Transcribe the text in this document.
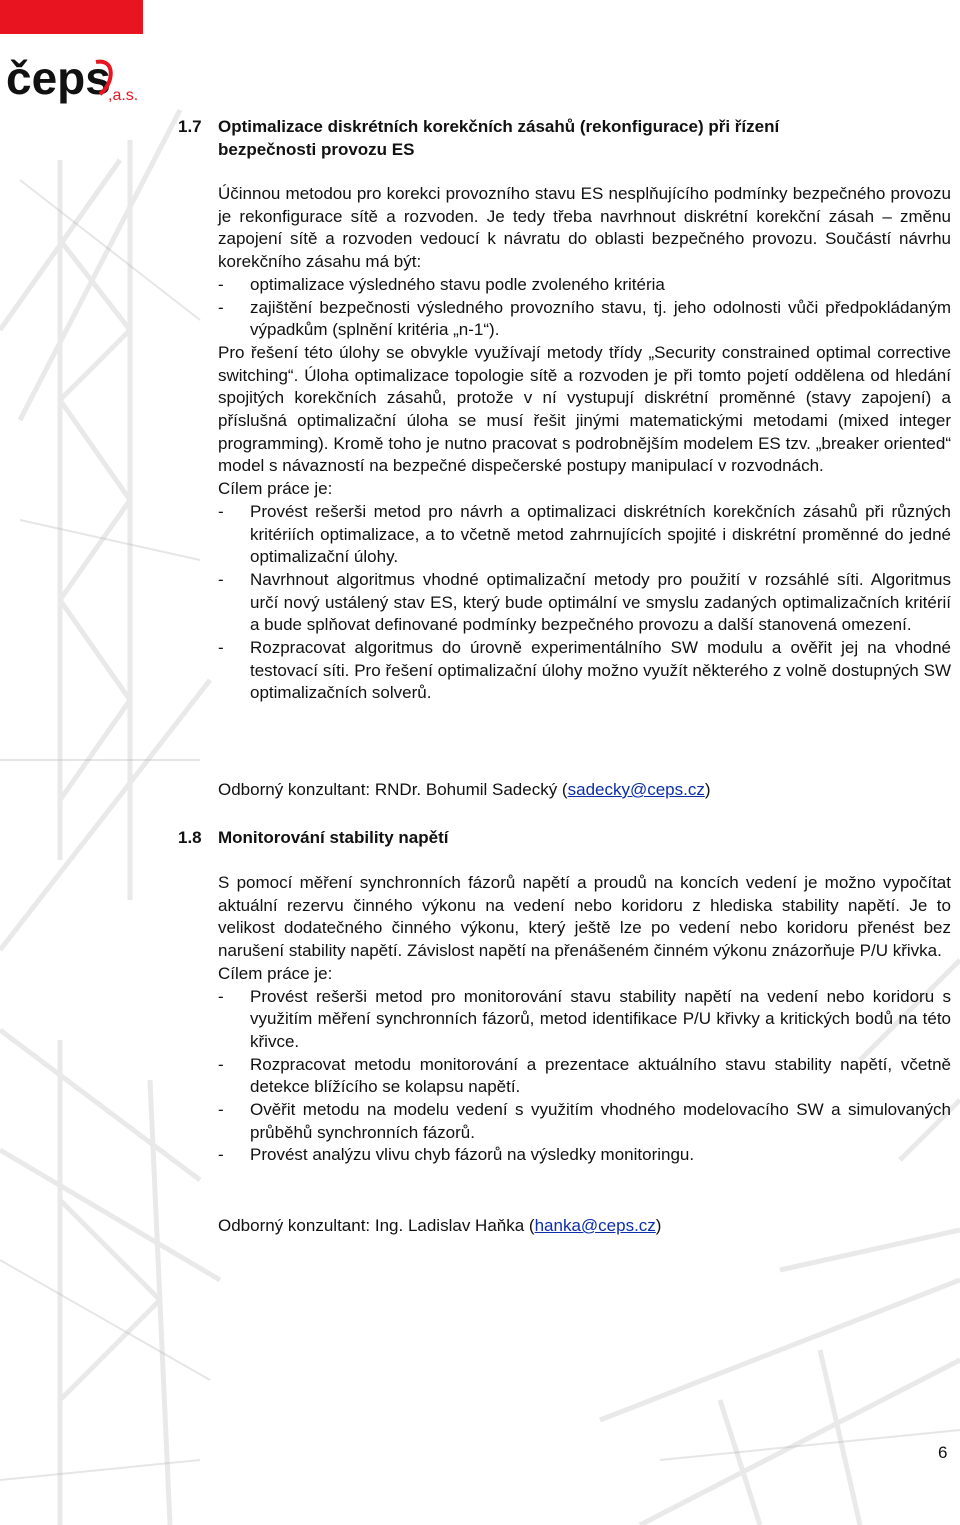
čeps
,a.s.
1.7 Optimalizace diskrétních korekčních zásahů (rekonfigurace) při řízení
bezpečnosti provozu ES

Účinnou metodou pro korekci provozního stavu ES nesplňujícího podmínky bezpečného provozu je rekonfigurace sítě a rozvoden. Je tedy třeba navrhnout diskrétní korekční zásah – změnu zapojení sítě a rozvoden vedoucí k návratu do oblasti bezpečného provozu. Součástí návrhu korekčního zásahu má být:

- optimalizace výsledného stavu podle zvoleného kritéria
- zajištění bezpečnosti výsledného provozního stavu, tj. jeho odolnosti vůči předpokládaným výpadkům (splnění kritéria „n-1“).

Pro řešení této úlohy se obvykle využívají metody třídy „Security constrained optimal corrective switching“. Úloha optimalizace topologie sítě a rozvoden je při tomto pojetí oddělena od hledání spojitých korekčních zásahů, protože v ní vystupují diskrétní proměnné (stavy zapojení) a příslušná optimalizační úloha se musí řešit jinými matematickými metodami (mixed integer programming). Kromě toho je nutno pracovat s podrobnějším modelem ES tzv. „breaker oriented“ model s návazností na bezpečné dispečerské postupy manipulací v rozvodnách.

Cílem práce je:

- Provést rešerši metod pro návrh a optimalizaci diskrétních korekčních zásahů při různých kritériích optimalizace, a to včetně metod zahrnujících spojité i diskrétní proměnné do jedné optimalizační úlohy.
- Navrhnout algoritmus vhodné optimalizační metody pro použití v rozsáhlé síti. Algoritmus určí nový ustálený stav ES, který bude optimální ve smyslu zadaných optimalizačních kritérií a bude splňovat definované podmínky bezpečného provozu a další stanovená omezení.
- Rozpracovat algoritmus do úrovně experimentálního SW modulu a ověřit jej na vhodné testovací síti. Pro řešení optimalizační úlohy možno využít některého z volně dostupných SW optimalizačních solverů.

Odborný konzultant: RNDr. Bohumil Sadecký (sadecky@ceps.cz)

1.8 Monitorování stability napětí

S pomocí měření synchronních fázorů napětí a proudů na koncích vedení je možno vypočítat aktuální rezervu činného výkonu na vedení nebo koridoru z hlediska stability napětí. Je to velikost dodatečného činného výkonu, který ještě lze po vedení nebo koridoru přenést bez narušení stability napětí. Závislost napětí na přenášeném činném výkonu znázorňuje P/U křivka.

Cílem práce je:

- Provést rešerši metod pro monitorování stavu stability napětí na vedení nebo koridoru s využitím měření synchronních fázorů, metod identifikace P/U křivky a kritických bodů na této křivce.
- Rozpracovat metodu monitorování a prezentace aktuálního stavu stability napětí, včetně detekce blížícího se kolapsu napětí.
- Ověřit metodu na modelu vedení s využitím vhodného modelovacího SW a simulovaných průběhů synchronních fázorů.
- Provést analýzu vlivu chyb fázorů na výsledky monitoringu.

Odborný konzultant: Ing. Ladislav Haňka (hanka@ceps.cz)

6
